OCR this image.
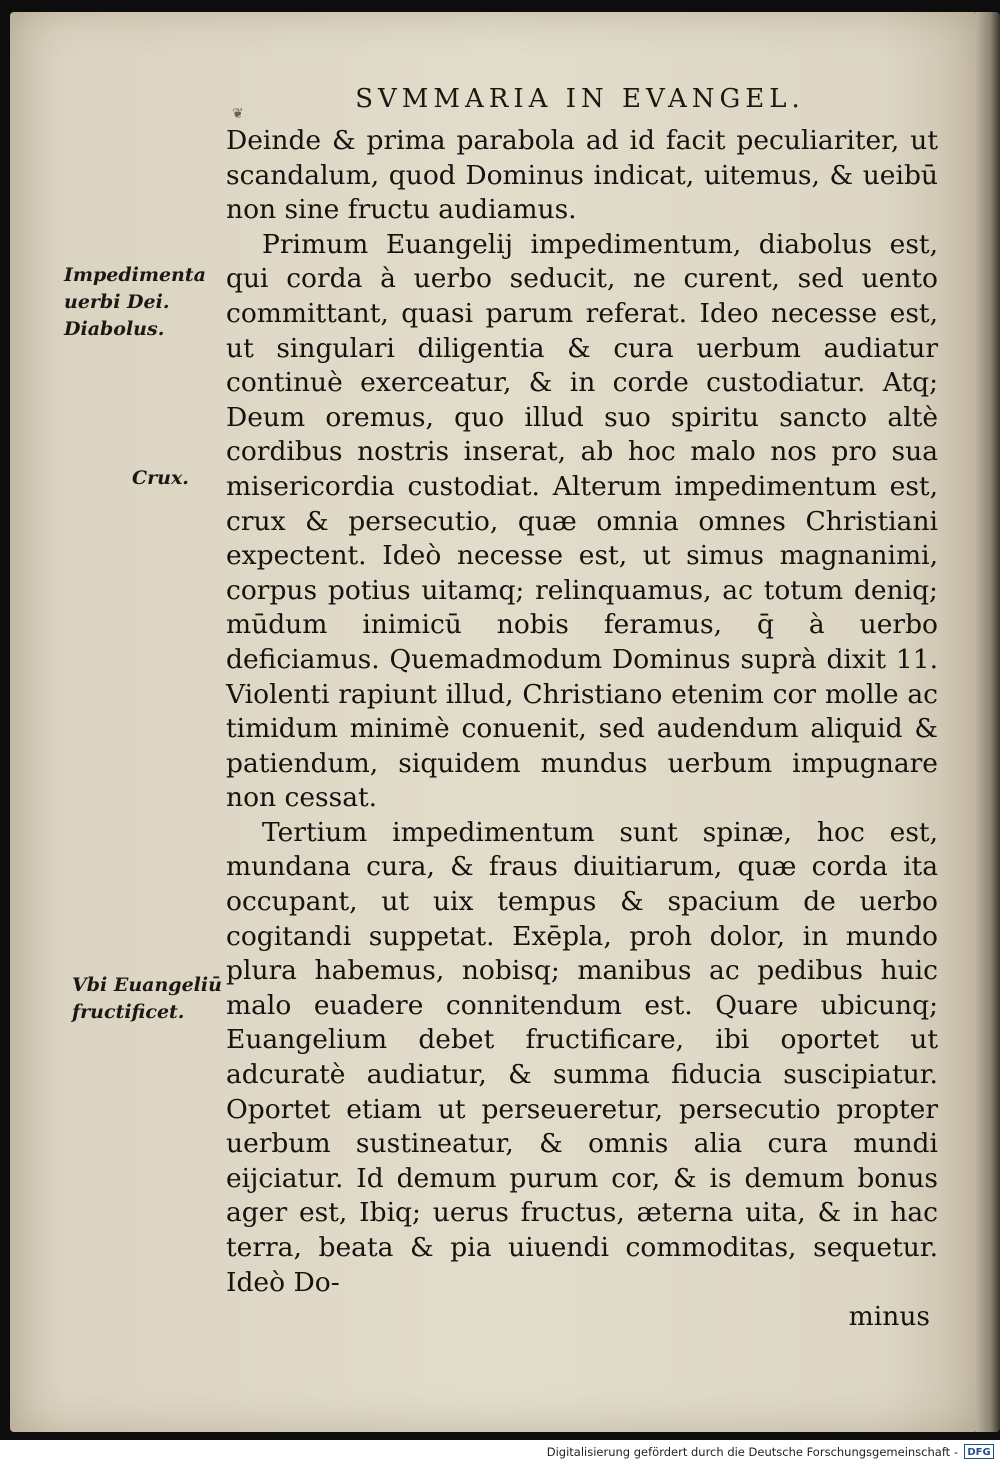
❦	SVMMARIA IN EVANGEL.
Impedimenta uerbi Dei. Diabolus.
Crux.
Vbi Euangeliū fructificet.

Deinde & prima parabola ad id facit peculiariter, ut scandalum, quod Dominus indicat, uitemus, & ueibū non sine fructu audiamus.

Primum Euangelij impedimentum, diabolus est, qui corda à uerbo seducit, ne curent, sed uento committant, quasi parum referat. Ideo necesse est, ut singulari diligentia & cura uerbum audiatur continuè exerceatur, & in corde custodiatur. Atq; Deum oremus, quo illud suo spiritu sancto altè cordibus nostris inserat, ab hoc malo nos pro sua misericordia custodiat. Alterum impedimentum est, crux & persecutio, quæ omnia omnes Christiani expectent. Ideò necesse est, ut simus magnanimi, corpus potius uitamq; relinquamus, ac totum deniq; mūdum inimicū nobis feramus, q̄ à uerbo deficiamus. Quemadmodum Dominus suprà dixit 11. Violenti rapiunt illud, Christiano etenim cor molle ac timidum minimè conuenit, sed audendum aliquid & patiendum, siquidem mundus uerbum impugnare non cessat.

Tertium impedimentum sunt spinæ, hoc est, mundana cura, & fraus diuitiarum, quæ corda ita occupant, ut uix tempus & spacium de uerbo cogitandi suppetat. Exēpla, proh dolor, in mundo plura habemus, nobisq; manibus ac pedibus huic malo euadere connitendum est. Quare ubicunq; Euangelium debet fructificare, ibi oportet ut adcuratè audiatur, & summa fiducia suscipiatur. Oportet etiam ut perseueretur, persecutio propter uerbum sustineatur, & omnis alia cura mundi eijciatur. Id demum purum cor, & is demum bonus ager est, Ibiq; uerus fructus, æterna uita, & in hac terra, beata & pia uiuendi commoditas, sequetur. Ideò Do-

minus

Digitalisierung gefördert durch die Deutsche Forschungsgemeinschaft - DFG
